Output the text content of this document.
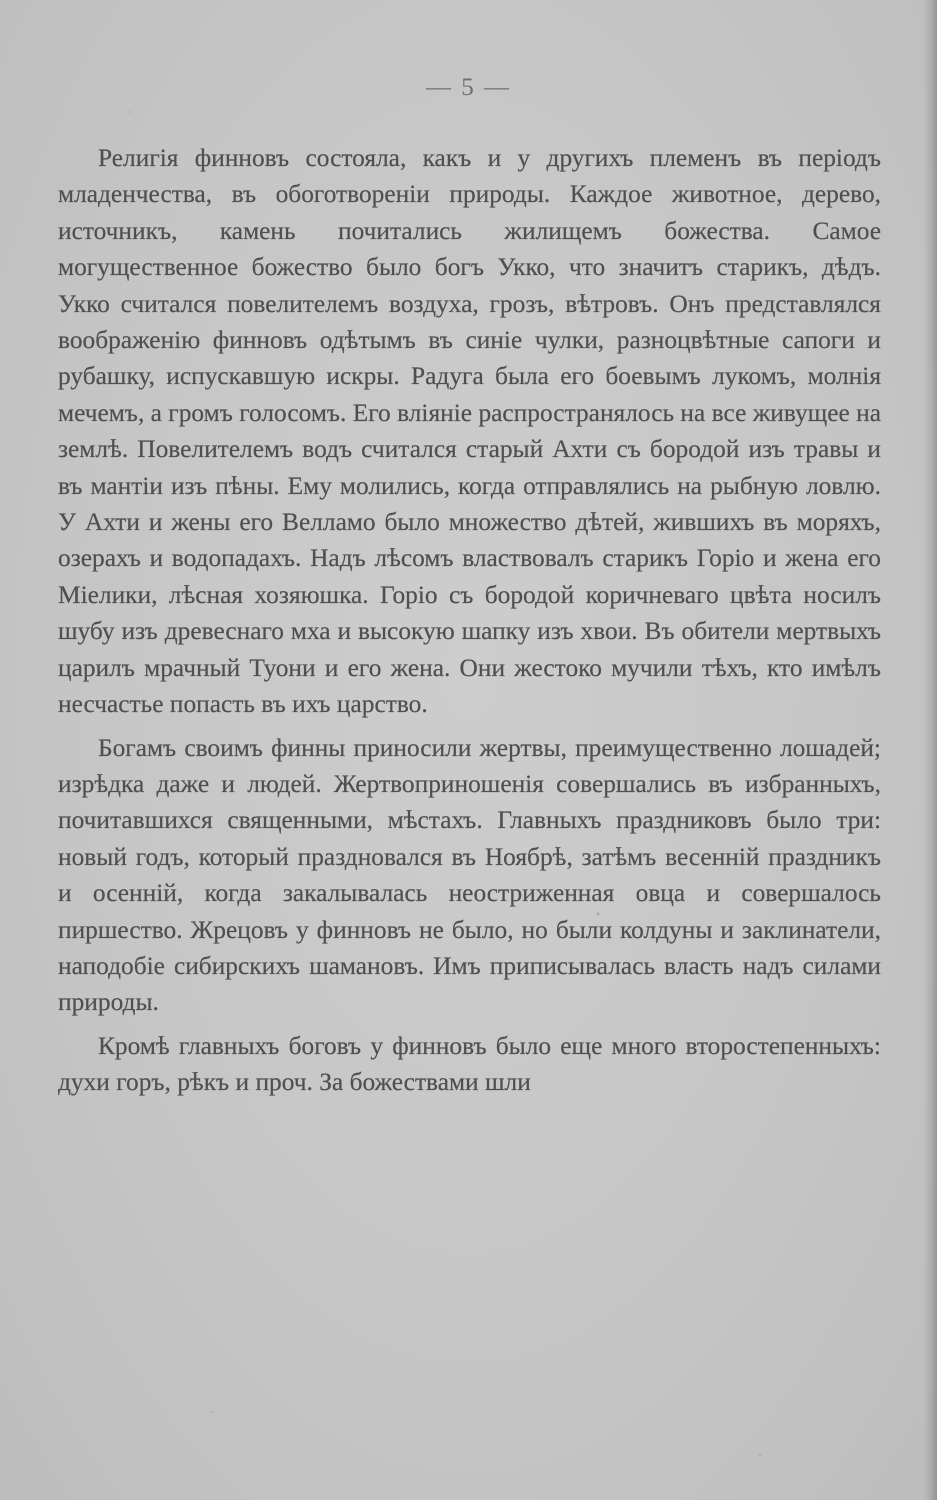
— 5 —

Религія финновъ состояла, какъ и у другихъ племенъ въ періодъ младенчества, въ обоготвореніи природы. Каждое животное, дерево, источникъ, камень почитались жилищемъ божества. Самое могущественное божество было богъ Укко, что значитъ старикъ, дѣдъ. Укко считался повелителемъ воздуха, грозъ, вѣтровъ. Онъ представлялся воображенію финновъ одѣтымъ въ синіе чулки, разноцвѣтные сапоги и рубашку, испускавшую искры. Радуга была его боевымъ лукомъ, молнія мечемъ, а громъ голосомъ. Его вліяніе распространялось на все живущее на землѣ. Повелителемъ водъ считался старый Ахти съ бородой изъ травы и въ мантіи изъ пѣны. Ему молились, когда отправлялись на рыбную ловлю. У Ахти и жены его Велламо было множество дѣтей, жившихъ въ моряхъ, озерахъ и водопадахъ. Надъ лѣсомъ властвовалъ старикъ Горіо и жена его Міелики, лѣсная хозяюшка. Горіо съ бородой коричневаго цвѣта носилъ шубу изъ древеснаго мха и высокую шапку изъ хвои. Въ обители мертвыхъ царилъ мрачный Туони и его жена. Они жестоко мучили тѣхъ, кто имѣлъ несчастье попасть въ ихъ царство.

Богамъ своимъ финны приносили жертвы, преимущественно лошадей; изрѣдка даже и людей. Жертвоприношенія совершались въ избранныхъ, почитавшихся священными, мѣстахъ. Главныхъ праздниковъ было три: новый годъ, который праздновался въ Ноябрѣ, затѣмъ весенній праздникъ и осенній, когда закалывалась неостриженная овца и совершалось пиршество. Жрецовъ у финновъ не было, но были колдуны и заклинатели, наподобіе сибирскихъ шамановъ. Имъ приписывалась власть надъ силами природы.

Кромѣ главныхъ боговъ у финновъ было еще много второстепенныхъ: духи горъ, рѣкъ и проч. За божествами шли
